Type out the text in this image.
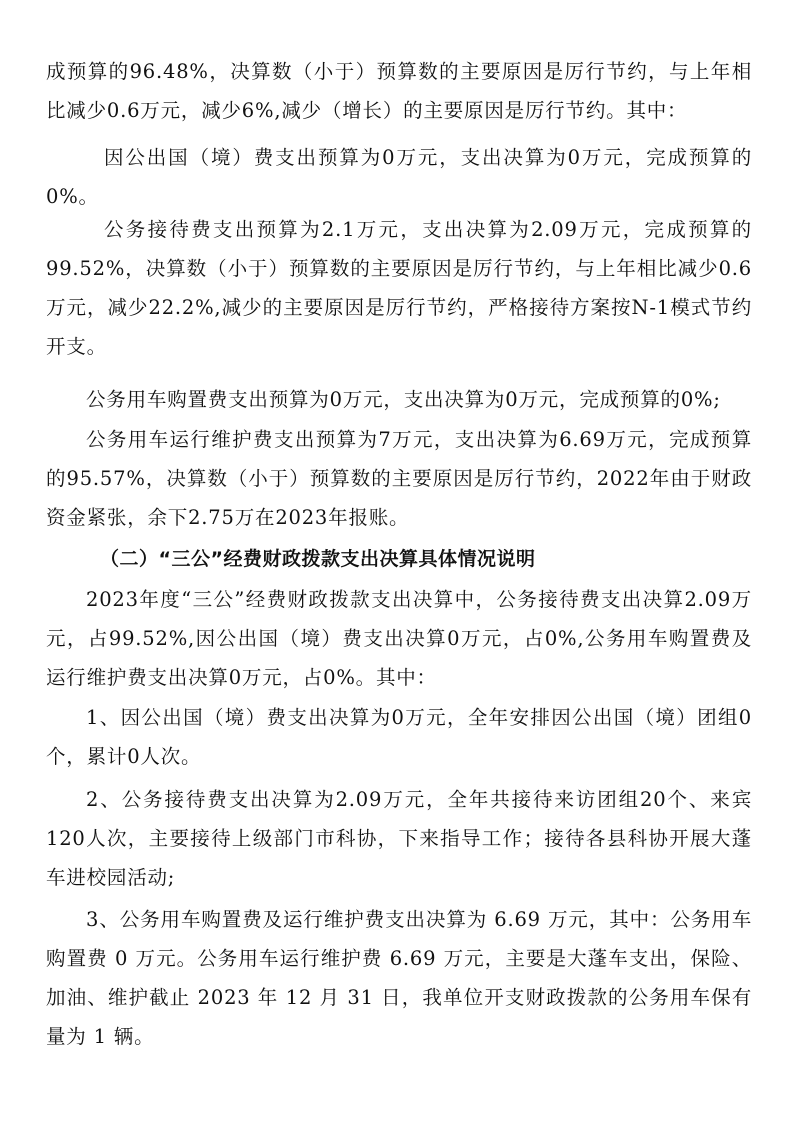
成预算的96.48%，决算数（小于）预算数的主要原因是厉行节约，与上年相比减少0.6万元，减少6%,减少（增长）的主要原因是厉行节约。其中：

因公出国（境）费支出预算为0万元，支出决算为0万元，完成预算的0%。

公务接待费支出预算为2.1万元，支出决算为2.09万元，完成预算的99.52%，决算数（小于）预算数的主要原因是厉行节约，与上年相比减少0.6万元，减少22.2%,减少的主要原因是厉行节约，严格接待方案按N-1模式节约开支。

公务用车购置费支出预算为0万元，支出决算为0万元，完成预算的0%;

公务用车运行维护费支出预算为7万元，支出决算为6.69万元，完成预算的95.57%，决算数（小于）预算数的主要原因是厉行节约，2022年由于财政资金紧张，余下2.75万在2023年报账。

（二）“三公”经费财政拨款支出决算具体情况说明

2023年度“三公”经费财政拨款支出决算中，公务接待费支出决算2.09万元，占99.52%,因公出国（境）费支出决算0万元，占0%,公务用车购置费及运行维护费支出决算0万元，占0%。其中：

1、因公出国（境）费支出决算为0万元，全年安排因公出国（境）团组0个，累计0人次。

2、公务接待费支出决算为2.09万元，全年共接待来访团组20个、来宾120人次，主要接待上级部门市科协，下来指导工作；接待各县科协开展大蓬车进校园活动;

3、公务用车购置费及运行维护费支出决算为 6.69 万元，其中：公务用车购置费 0 万元。公务用车运行维护费 6.69 万元，主要是大蓬车支出，保险、加油、维护截止 2023 年 12 月 31 日，我单位开支财政拨款的公务用车保有量为 1 辆。
